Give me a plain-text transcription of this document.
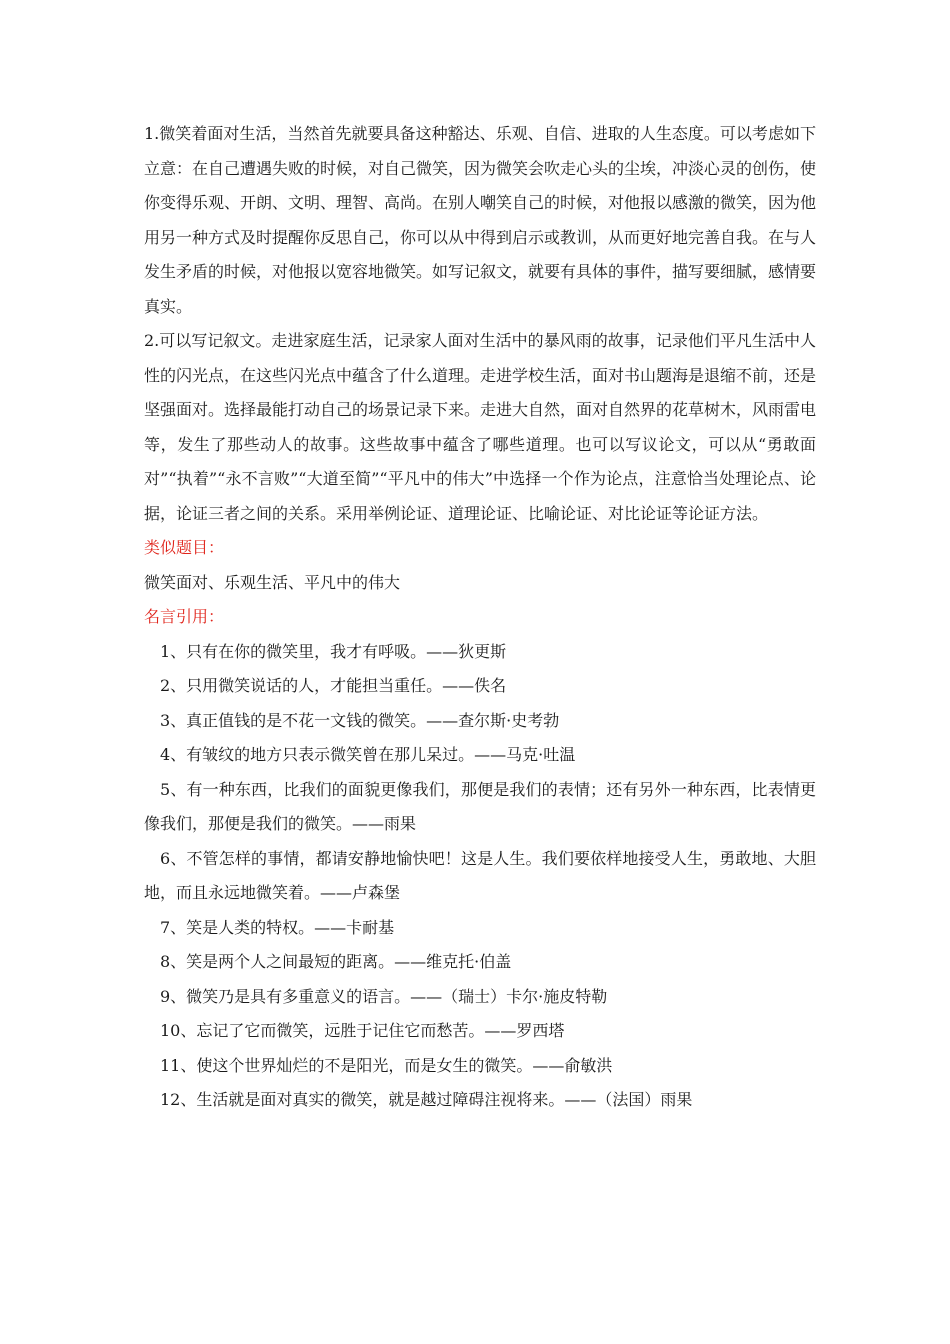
1.微笑着面对生活，当然首先就要具备这种豁达、乐观、自信、进取的人生态度。可以考虑如下立意：在自己遭遇失败的时候，对自己微笑，因为微笑会吹走心头的尘埃，冲淡心灵的创伤，使你变得乐观、开朗、文明、理智、高尚。在别人嘲笑自己的时候，对他报以感激的微笑，因为他用另一种方式及时提醒你反思自己，你可以从中得到启示或教训，从而更好地完善自我。在与人发生矛盾的时候，对他报以宽容地微笑。如写记叙文，就要有具体的事件，描写要细腻，感情要真实。

2.可以写记叙文。走进家庭生活，记录家人面对生活中的暴风雨的故事，记录他们平凡生活中人性的闪光点，在这些闪光点中蕴含了什么道理。走进学校生活，面对书山题海是退缩不前，还是坚强面对。选择最能打动自己的场景记录下来。走进大自然，面对自然界的花草树木，风雨雷电等，发生了那些动人的故事。这些故事中蕴含了哪些道理。也可以写议论文，可以从“勇敢面对”“执着”“永不言败”“大道至简”“平凡中的伟大”中选择一个作为论点，注意恰当处理论点、论据，论证三者之间的关系。采用举例论证、道理论证、比喻论证、对比论证等论证方法。

类似题目：

微笑面对、乐观生活、平凡中的伟大

名言引用：

1、只有在你的微笑里，我才有呼吸。——狄更斯

2、只用微笑说话的人，才能担当重任。——佚名

3、真正值钱的是不花一文钱的微笑。——查尔斯·史考勃

4、有皱纹的地方只表示微笑曾在那儿呆过。——马克·吐温

5、有一种东西，比我们的面貌更像我们，那便是我们的表情；还有另外一种东西，比表情更像我们，那便是我们的微笑。——雨果

6、不管怎样的事情，都请安静地愉快吧！这是人生。我们要依样地接受人生，勇敢地、大胆地，而且永远地微笑着。——卢森堡

7、笑是人类的特权。——卡耐基

8、笑是两个人之间最短的距离。——维克托·伯盖

9、微笑乃是具有多重意义的语言。——（瑞士）卡尔·施皮特勒

10、忘记了它而微笑，远胜于记住它而愁苦。——罗西塔

11、使这个世界灿烂的不是阳光，而是女生的微笑。——俞敏洪

12、生活就是面对真实的微笑，就是越过障碍注视将来。——（法国）雨果
